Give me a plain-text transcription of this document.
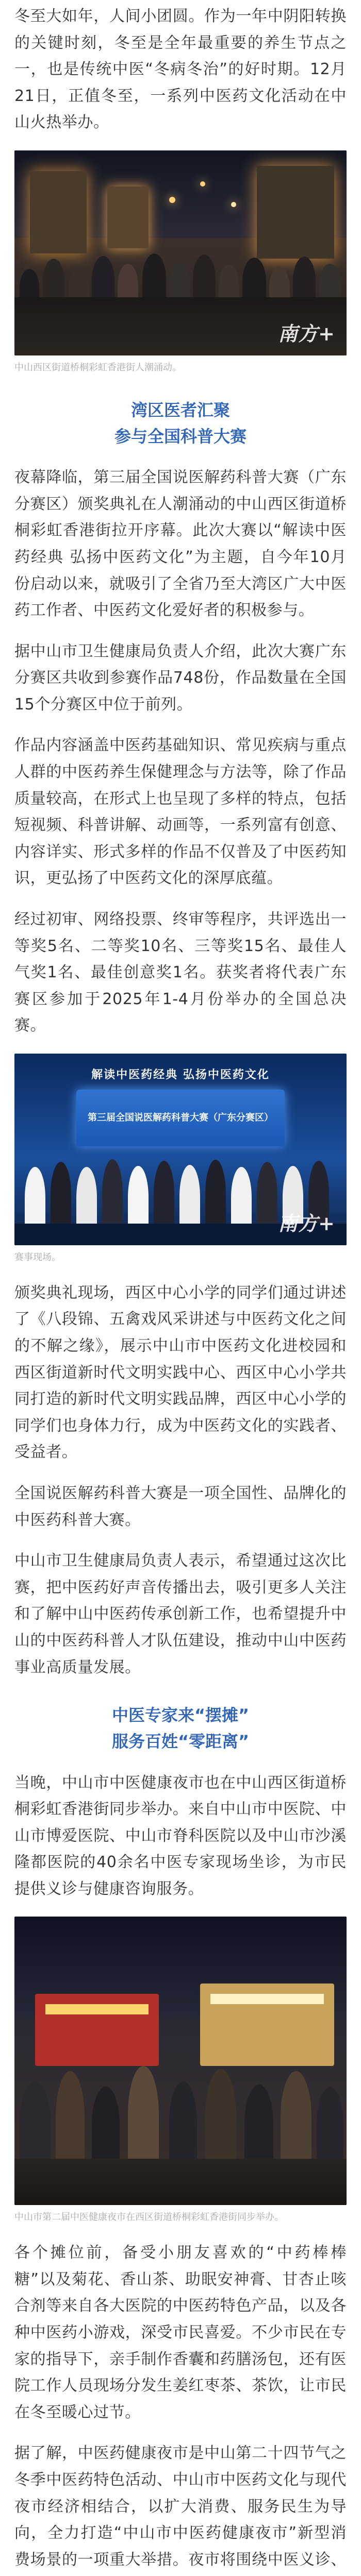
冬至大如年，人间小团圆。作为一年中阴阳转换的关键时刻，冬至是全年最重要的养生节点之一，也是传统中医“冬病冬治”的好时期。12月21日，正值冬至，一系列中医药文化活动在中山火热举办。

南方+
中山西区街道桥桐彩虹香港街人潮涌动。
湾区医者汇聚
参与全国科普大赛

夜幕降临，第三届全国说医解药科普大赛（广东分赛区）颁奖典礼在人潮涌动的中山西区街道桥桐彩虹香港街拉开序幕。此次大赛以“解读中医药经典 弘扬中医药文化”为主题，自今年10月份启动以来，就吸引了全省乃至大湾区广大中医药工作者、中医药文化爱好者的积极参与。

据中山市卫生健康局负责人介绍，此次大赛广东分赛区共收到参赛作品748份，作品数量在全国15个分赛区中位于前列。

作品内容涵盖中医药基础知识、常见疾病与重点人群的中医药养生保健理念与方法等，除了作品质量较高，在形式上也呈现了多样的特点，包括短视频、科普讲解、动画等，一系列富有创意、内容详实、形式多样的作品不仅普及了中医药知识，更弘扬了中医药文化的深厚底蕴。

经过初审、网络投票、终审等程序，共评选出一等奖5名、二等奖10名、三等奖15名、最佳人气奖1名、最佳创意奖1名。获奖者将代表广东赛区参加于2025年1-4月份举办的全国总决赛。

解读中医药经典 弘扬中医药文化
第三届全国说医解药科普大赛（广东分赛区）
南方+
赛事现场。

颁奖典礼现场，西区中心小学的同学们通过讲述了《八段锦、五禽戏风采讲述与中医药文化之间的不解之缘》，展示中山市中医药文化进校园和西区街道新时代文明实践中心、西区中心小学共同打造的新时代文明实践品牌，西区中心小学的同学们也身体力行，成为中医药文化的实践者、受益者。

全国说医解药科普大赛是一项全国性、品牌化的中医药科普大赛。

中山市卫生健康局负责人表示，希望通过这次比赛，把中医药好声音传播出去，吸引更多人关注和了解中山中医药传承创新工作，也希望提升中山的中医药科普人才队伍建设，推动中山中医药事业高质量发展。

中医专家来“摆摊”
服务百姓“零距离”

当晚，中山市中医健康夜市也在中山西区街道桥桐彩虹香港街同步举办。来自中山市中医院、中山市博爱医院、中山市脊科医院以及中山市沙溪隆都医院的40余名中医专家现场坐诊，为市民提供义诊与健康咨询服务。

中山市第二届中医健康夜市在西区街道桥桐彩虹香港街同步举办。

各个摊位前，备受小朋友喜欢的“中药棒棒糖”以及菊花、香山茶、助眠安神膏、甘杏止咳合剂等来自各大医院的中医药特色产品，以及各种中医药小游戏，深受市民喜爱。不少市民在专家的指导下，亲手制作香囊和药膳汤包，还有医院工作人员现场分发生姜红枣茶、茶饮，让市民在冬至暖心过节。

据了解，中医药健康夜市是中山第二十四节气之冬季中医药特色活动、中山市中医药文化与现代夜市经济相结合，以扩大消费、服务民生为导向，全力打造“中山市中医药健康夜市”新型消费场景的一项重大举措。夜市将围绕中医义诊、
